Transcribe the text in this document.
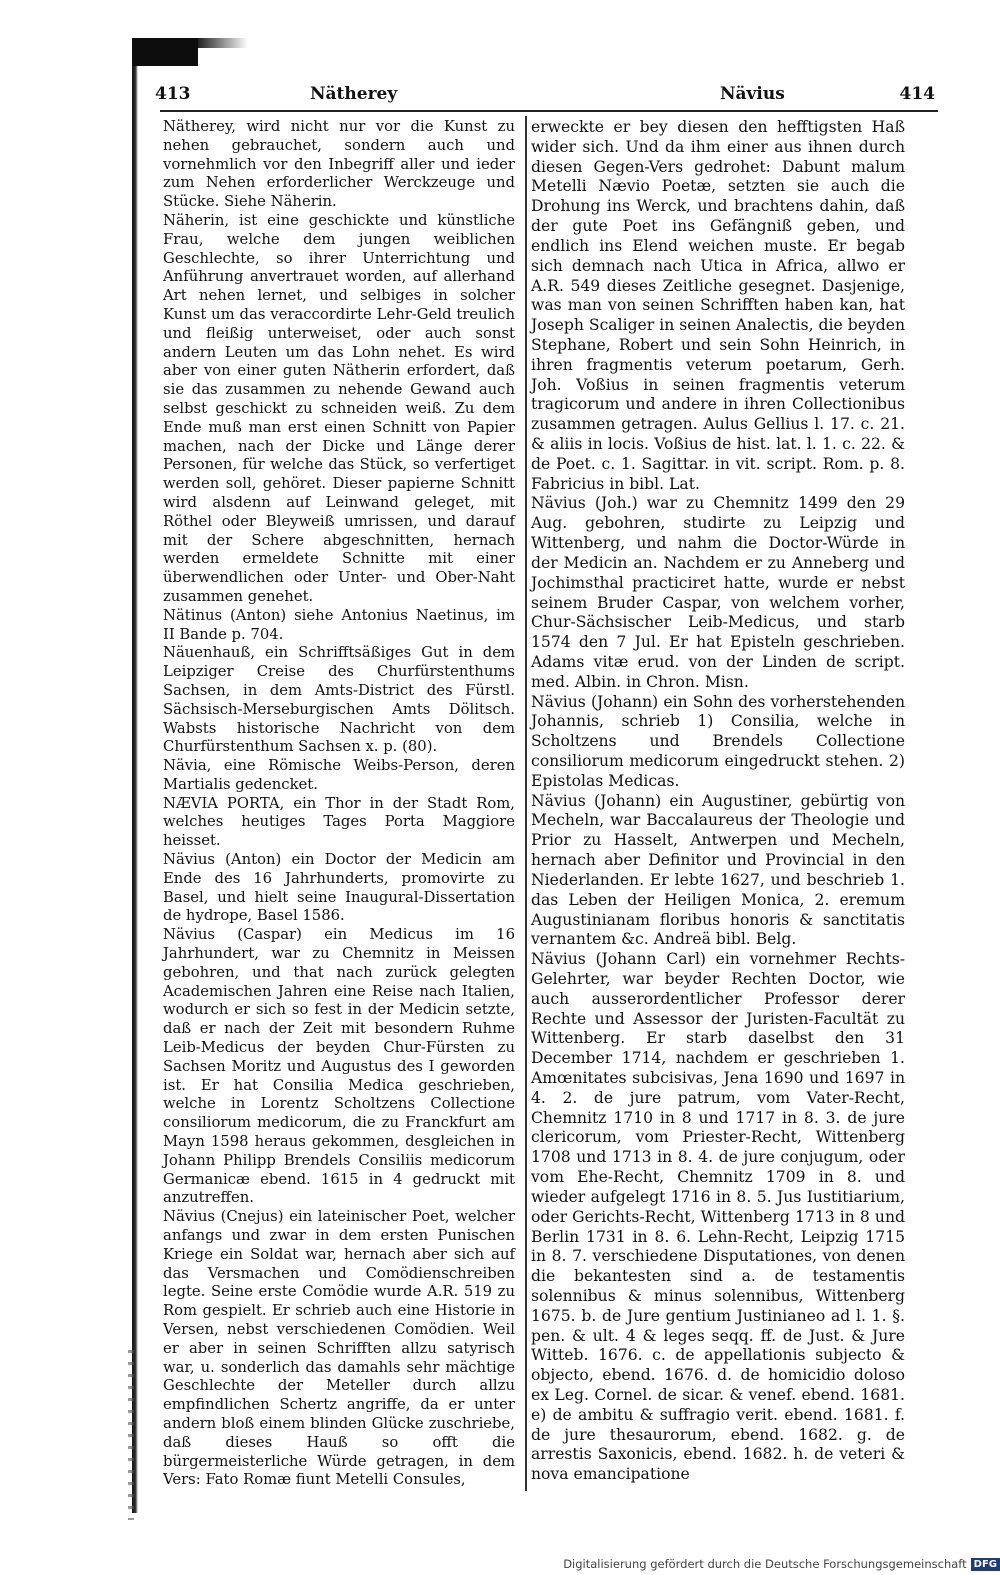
413	Nätherey	Nävius	414

Nätherey, wird nicht nur vor die Kunst zu nehen gebrauchet, sondern auch und vornehmlich vor den Inbegriff aller und ieder zum Nehen erforderlicher Werckzeuge und Stücke. Siehe Näherin.

Näherin, ist eine geschickte und künstliche Frau, welche dem jungen weiblichen Geschlechte, so ihrer Unterrichtung und Anführung anvertrauet worden, auf allerhand Art nehen lernet, und selbiges in solcher Kunst um das veraccordirte Lehr-Geld treulich und fleißig unterweiset, oder auch sonst andern Leuten um das Lohn nehet. Es wird aber von einer guten Nätherin erfordert, daß sie das zusammen zu nehende Gewand auch selbst geschickt zu schneiden weiß. Zu dem Ende muß man erst einen Schnitt von Papier machen, nach der Dicke und Länge derer Personen, für welche das Stück, so verfertiget werden soll, gehöret. Dieser papierne Schnitt wird alsdenn auf Leinwand geleget, mit Röthel oder Bleyweiß umrissen, und darauf mit der Schere abgeschnitten, hernach werden ermeldete Schnitte mit einer überwendlichen oder Unter- und Ober-Naht zusammen genehet.

Nätinus (Anton) siehe Antonius Naetinus, im II Bande p. 704.

Näuenhauß, ein Schrifftsäßiges Gut in dem Leipziger Creise des Churfürstenthums Sachsen, in dem Amts-District des Fürstl. Sächsisch-Merseburgischen Amts Dölitsch. Wabsts historische Nachricht von dem Churfürstenthum Sachsen x. p. (80).

Nävia, eine Römische Weibs-Person, deren Martialis gedencket.

NÆVIA PORTA, ein Thor in der Stadt Rom, welches heutiges Tages Porta Maggiore heisset.

Nävius (Anton) ein Doctor der Medicin am Ende des 16 Jahrhunderts, promovirte zu Basel, und hielt seine Inaugural-Dissertation de hydrope, Basel 1586.

Nävius (Caspar) ein Medicus im 16 Jahrhundert, war zu Chemnitz in Meissen gebohren, und that nach zurück gelegten Academischen Jahren eine Reise nach Italien, wodurch er sich so fest in der Medicin setzte, daß er nach der Zeit mit besondern Ruhme Leib-Medicus der beyden Chur-Fürsten zu Sachsen Moritz und Augustus des I geworden ist. Er hat Consilia Medica geschrieben, welche in Lorentz Scholtzens Collectione consiliorum medicorum, die zu Franckfurt am Mayn 1598 heraus gekommen, desgleichen in Johann Philipp Brendels Consiliis medicorum Germanicæ ebend. 1615 in 4 gedruckt mit anzutreffen.

Nävius (Cnejus) ein lateinischer Poet, welcher anfangs und zwar in dem ersten Punischen Kriege ein Soldat war, hernach aber sich auf das Versmachen und Comödienschreiben legte. Seine erste Comödie wurde A.R. 519 zu Rom gespielt. Er schrieb auch eine Historie in Versen, nebst verschiedenen Comödien. Weil er aber in seinen Schrifften allzu satyrisch war, u. sonderlich das damahls sehr mächtige Geschlechte der Meteller durch allzu empfindlichen Schertz angriffe, da er unter andern bloß einem blinden Glücke zuschriebe, daß dieses Hauß so offt die bürgermeisterliche Würde getragen, in dem Vers: Fato Romæ fiunt Metelli Consules,

erweckte er bey diesen den hefftigsten Haß wider sich. Und da ihm einer aus ihnen durch diesen Gegen-Vers gedrohet: Dabunt malum Metelli Nævio Poetæ, setzten sie auch die Drohung ins Werck, und brachtens dahin, daß der gute Poet ins Gefängniß geben, und endlich ins Elend weichen muste. Er begab sich demnach nach Utica in Africa, allwo er A.R. 549 dieses Zeitliche gesegnet. Dasjenige, was man von seinen Schrifften haben kan, hat Joseph Scaliger in seinen Analectis, die beyden Stephane, Robert und sein Sohn Heinrich, in ihren fragmentis veterum poetarum, Gerh. Joh. Voßius in seinen fragmentis veterum tragicorum und andere in ihren Collectionibus zusammen getragen. Aulus Gellius l. 17. c. 21. & aliis in locis. Voßius de hist. lat. l. 1. c. 22. & de Poet. c. 1. Sagittar. in vit. script. Rom. p. 8. Fabricius in bibl. Lat.

Nävius (Joh.) war zu Chemnitz 1499 den 29 Aug. gebohren, studirte zu Leipzig und Wittenberg, und nahm die Doctor-Würde in der Medicin an. Nachdem er zu Anneberg und Jochimsthal practiciret hatte, wurde er nebst seinem Bruder Caspar, von welchem vorher, Chur-Sächsischer Leib-Medicus, und starb 1574 den 7 Jul. Er hat Episteln geschrieben. Adams vitæ erud. von der Linden de script. med. Albin. in Chron. Misn.

Nävius (Johann) ein Sohn des vorherstehenden Johannis, schrieb 1) Consilia, welche in Scholtzens und Brendels Collectione consiliorum medicorum eingedruckt stehen. 2) Epistolas Medicas.

Nävius (Johann) ein Augustiner, gebürtig von Mecheln, war Baccalaureus der Theologie und Prior zu Hasselt, Antwerpen und Mecheln, hernach aber Definitor und Provincial in den Niederlanden. Er lebte 1627, und beschrieb 1. das Leben der Heiligen Monica, 2. eremum Augustinianam floribus honoris & sanctitatis vernantem &c. Andreä bibl. Belg.

Nävius (Johann Carl) ein vornehmer Rechts-Gelehrter, war beyder Rechten Doctor, wie auch ausserordentlicher Professor derer Rechte und Assessor der Juristen-Facultät zu Wittenberg. Er starb daselbst den 31 December 1714, nachdem er geschrieben 1. Amœnitates subcisivas, Jena 1690 und 1697 in 4. 2. de jure patrum, vom Vater-Recht, Chemnitz 1710 in 8 und 1717 in 8. 3. de jure clericorum, vom Priester-Recht, Wittenberg 1708 und 1713 in 8. 4. de jure conjugum, oder vom Ehe-Recht, Chemnitz 1709 in 8. und wieder aufgelegt 1716 in 8. 5. Jus Iustitiarium, oder Gerichts-Recht, Wittenberg 1713 in 8 und Berlin 1731 in 8. 6. Lehn-Recht, Leipzig 1715 in 8. 7. verschiedene Disputationes, von denen die bekantesten sind a. de testamentis solennibus & minus solennibus, Wittenberg 1675. b. de Jure gentium Justinianeo ad l. 1. §. pen. & ult. 4 & leges seqq. ff. de Just. & Jure Witteb. 1676. c. de appellationis subjecto & objecto, ebend. 1676. d. de homicidio doloso ex Leg. Cornel. de sicar. & venef. ebend. 1681. e) de ambitu & suffragio verit. ebend. 1681. f. de jure thesaurorum, ebend. 1682. g. de arrestis Saxonicis, ebend. 1682. h. de veteri & nova emancipatione

Digitalisierung gefördert durch die Deutsche Forschungsgemeinschaft DFG
